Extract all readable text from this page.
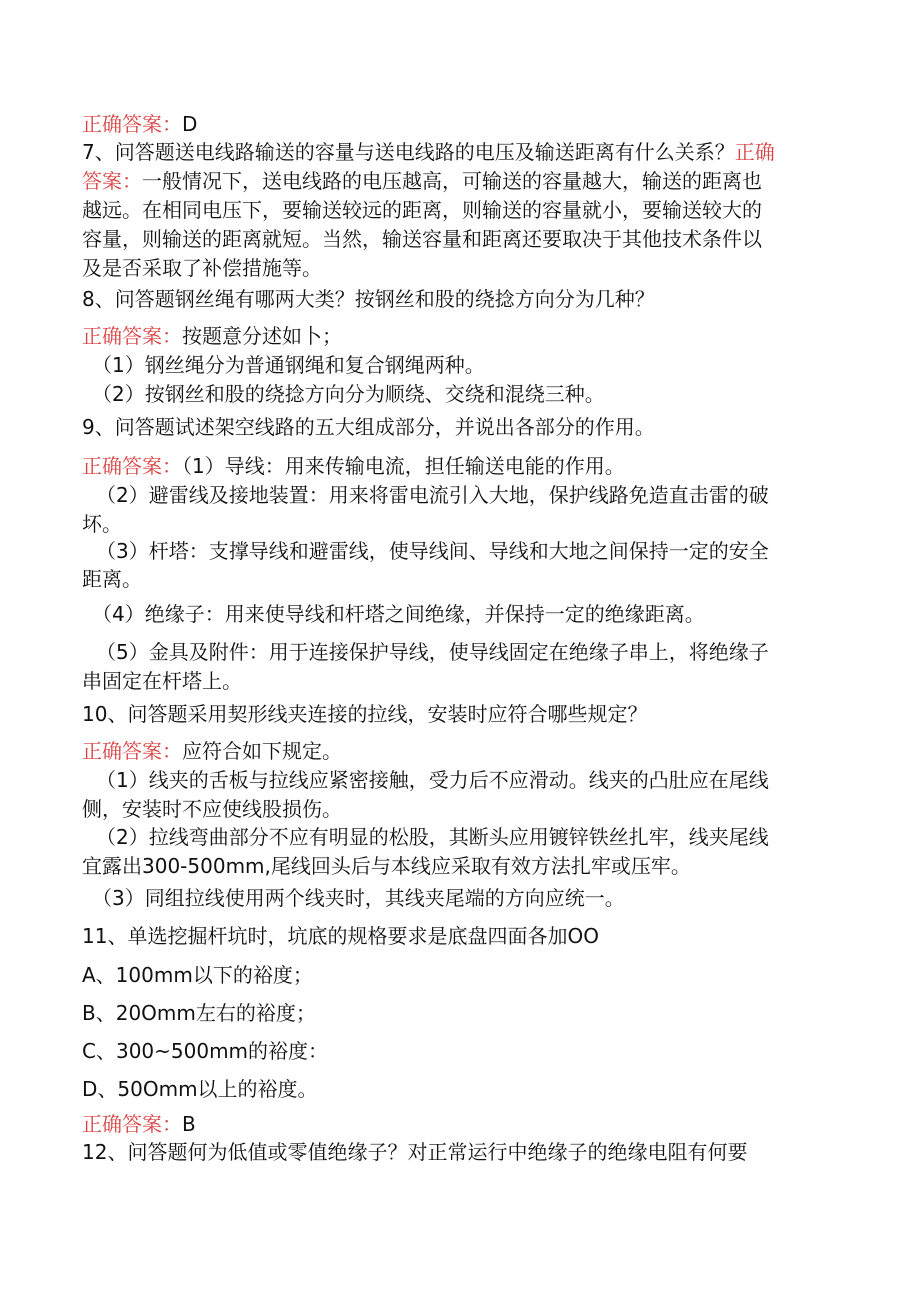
正确答案：D
7、问答题送电线路输送的容量与送电线路的电压及输送距离有什么关系？正确
答案：一般情况下，送电线路的电压越高，可输送的容量越大，输送的距离也
越远。在相同电压下，要输送较远的距离，则输送的容量就小，要输送较大的
容量，则输送的距离就短。当然，输送容量和距离还要取决于其他技术条件以
及是否采取了补偿措施等。
8、问答题钢丝绳有哪两大类？按钢丝和股的绕捻方向分为几种？
正确答案：按题意分述如卜；
（1）钢丝绳分为普通钢绳和复合钢绳两种。
（2）按钢丝和股的绕捻方向分为顺绕、交绕和混绕三种。
9、问答题试述架空线路的五大组成部分，并说出各部分的作用。
正确答案：（1）导线：用来传输电流，担任输送电能的作用。
（2）避雷线及接地装置：用来将雷电流引入大地，保护线路免造直击雷的破
坏。
（3）杆塔：支撑导线和避雷线，使导线间、导线和大地之间保持一定的安全
距离。
（4）绝缘子：用来使导线和杆塔之间绝缘，并保持一定的绝缘距离。
（5）金具及附件：用于连接保护导线，使导线固定在绝缘子串上，将绝缘子
串固定在杆塔上。
10、问答题采用契形线夹连接的拉线，安装时应符合哪些规定？
正确答案：应符合如下规定。
（1）线夹的舌板与拉线应紧密接触，受力后不应滑动。线夹的凸肚应在尾线
侧，安装时不应使线股损伤。
（2）拉线弯曲部分不应有明显的松股，其断头应用镀锌铁丝扎牢，线夹尾线
宜露出300-500mm,尾线回头后与本线应采取有效方法扎牢或压牢。
（3）同组拉线使用两个线夹时，其线夹尾端的方向应统一。
11、单选挖掘杆坑时，坑底的规格要求是底盘四面各加OO
A、100mm以下的裕度；
B、20Omm左右的裕度；
C、300~500mm的裕度：
D、50Omm以上的裕度。
正确答案：B
12、问答题何为低值或零值绝缘子？对正常运行中绝缘子的绝缘电阻有何要
